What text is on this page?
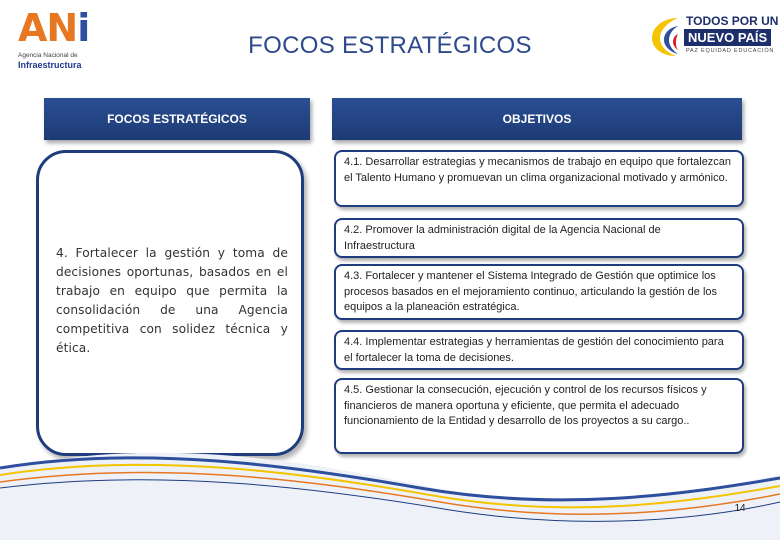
ANi
Agencia Nacional de
Infraestructura
FOCOS ESTRATÉGICOS
TODOS POR UN
NUEVO PAÍS
PAZ EQUIDAD EDUCACIÓN
FOCOS ESTRATÉGICOS	OBJETIVOS
4. Fortalecer la gestión y toma de decisiones oportunas, basados en el trabajo en equipo que permita la consolidación de una Agencia competitiva con solidez técnica y ética.
4.1. Desarrollar estrategias y mecanismos de trabajo en equipo que fortalezcan el Talento Humano y promuevan un clima organizacional motivado y armónico.
4.2. Promover la administración digital de la Agencia Nacional de Infraestructura
4.3. Fortalecer y mantener el Sistema Integrado de Gestión que optimice los procesos basados en el mejoramiento continuo, articulando la gestión de los equipos a la planeación estratégica.
4.4. Implementar estrategias y herramientas de gestión del conocimiento para el fortalecer la toma de decisiones.
4.5. Gestionar la consecución, ejecución y control de los recursos físicos y financieros de manera oportuna y eficiente, que permita el adecuado funcionamiento de la Entidad y desarrollo de los proyectos a su cargo..
14
